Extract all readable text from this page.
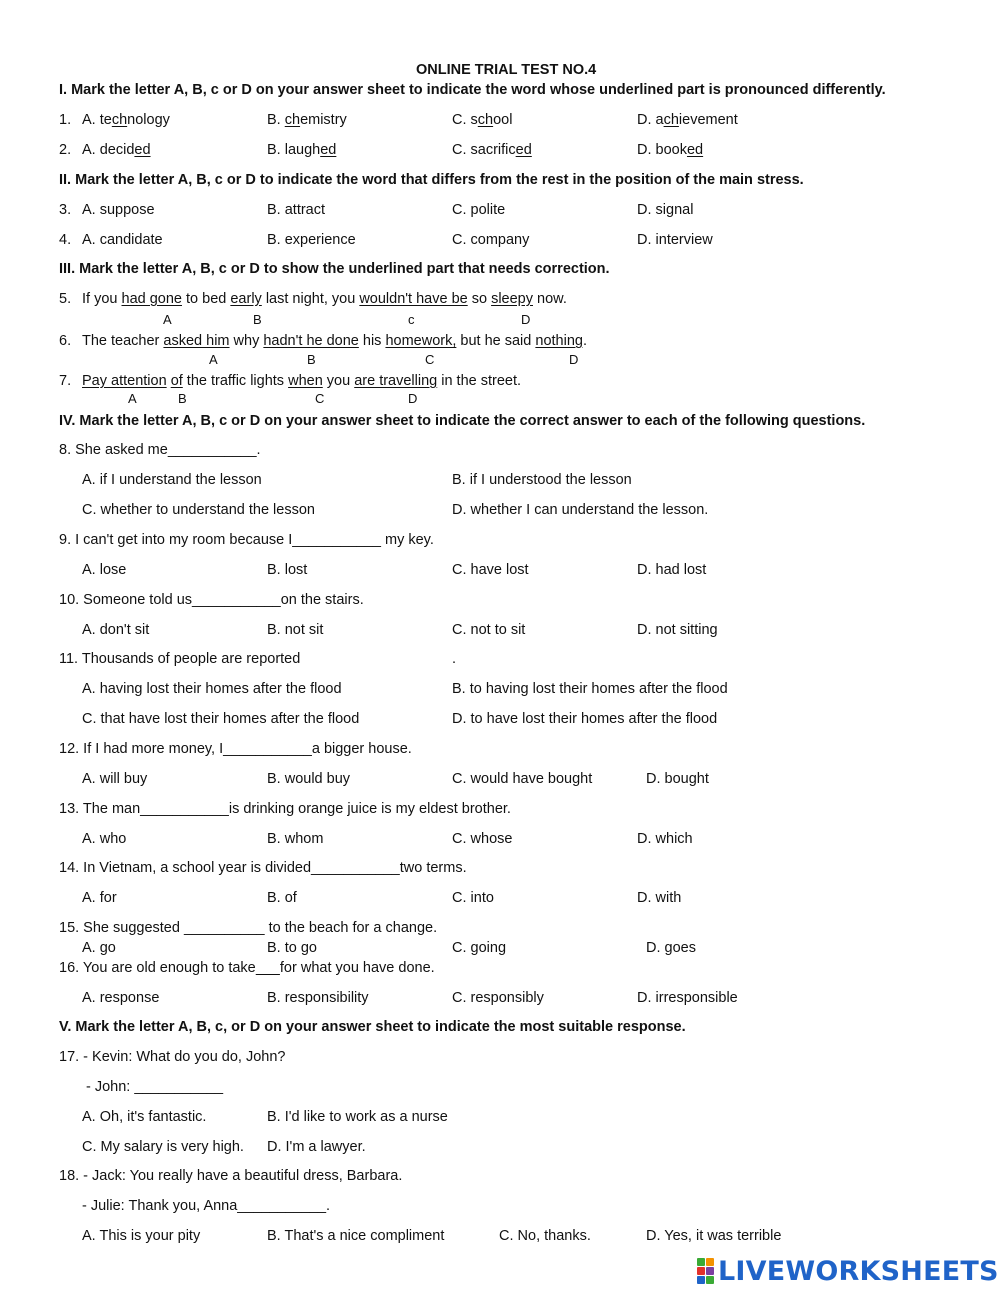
ONLINE TRIAL TEST NO.4
I. Mark the letter A, B, c or D on your answer sheet to indicate the word whose underlined part is pronounced differently.
1. A. technology	B. chemistry	C. school	D. achievement
2. A. decided	B. laughed	C. sacrificed	D. booked
II. Mark the letter A, B, c or D to indicate the word that differs from the rest in the position of the main stress.
3. A. suppose	B. attract	C. polite	D. signal
4. A. candidate	B. experience	C. company	D. interview
III. Mark the letter A, B, c or D to show the underlined part that needs correction.
5. If you had gone to bed early last night, you wouldn't have be so sleepy now.
A	B	c	D
6. The teacher asked him why hadn't he done his homework, but he said nothing.
A	B	C	D
7. Pay attention of the traffic lights when you are travelling in the street.
A	B	C	D
IV. Mark the letter A, B, c or D on your answer sheet to indicate the correct answer to each of the following questions.
8. She asked me___________.
A. if I understand the lesson	B. if I understood the lesson
C. whether to understand the lesson	D. whether I can understand the lesson.
9. I can't get into my room because I___________ my key.
A. lose	B. lost	C. have lost	D. had lost
10. Someone told us___________on the stairs.
A. don't sit	B. not sit	C. not to sit	D. not sitting
11. Thousands of people are reported	.
A. having lost their homes after the flood	B. to having lost their homes after the flood
C. that have lost their homes after the flood	D. to have lost their homes after the flood
12. If I had more money, I___________a bigger house.
A. will buy	B. would buy	C. would have bought	D. bought
13. The man___________is drinking orange juice is my eldest brother.
A. who	B. whom	C. whose	D. which
14. In Vietnam, a school year is divided___________two terms.
A. for	B. of	C. into	D. with
15. She suggested __________ to the beach for a change.
A. go	B. to go	C. going	D. goes
16. You are old enough to take for what you have done.
A. response	B. responsibility	C. responsibly	D. irresponsible
V. Mark the letter A, B, c, or D on your answer sheet to indicate the most suitable response.
17. - Kevin: What do you do, John?
- John: ___________
A. Oh, it's fantastic.	B. I'd like to work as a nurse
C. My salary is very high. D. I'm a lawyer.
18. - Jack: You really have a beautiful dress, Barbara.
- Julie: Thank you, Anna___________.
A. This is your pity	B. That's a nice compliment	C. No, thanks.	D. Yes, it was terrible
LIVEWORKSHEETS
